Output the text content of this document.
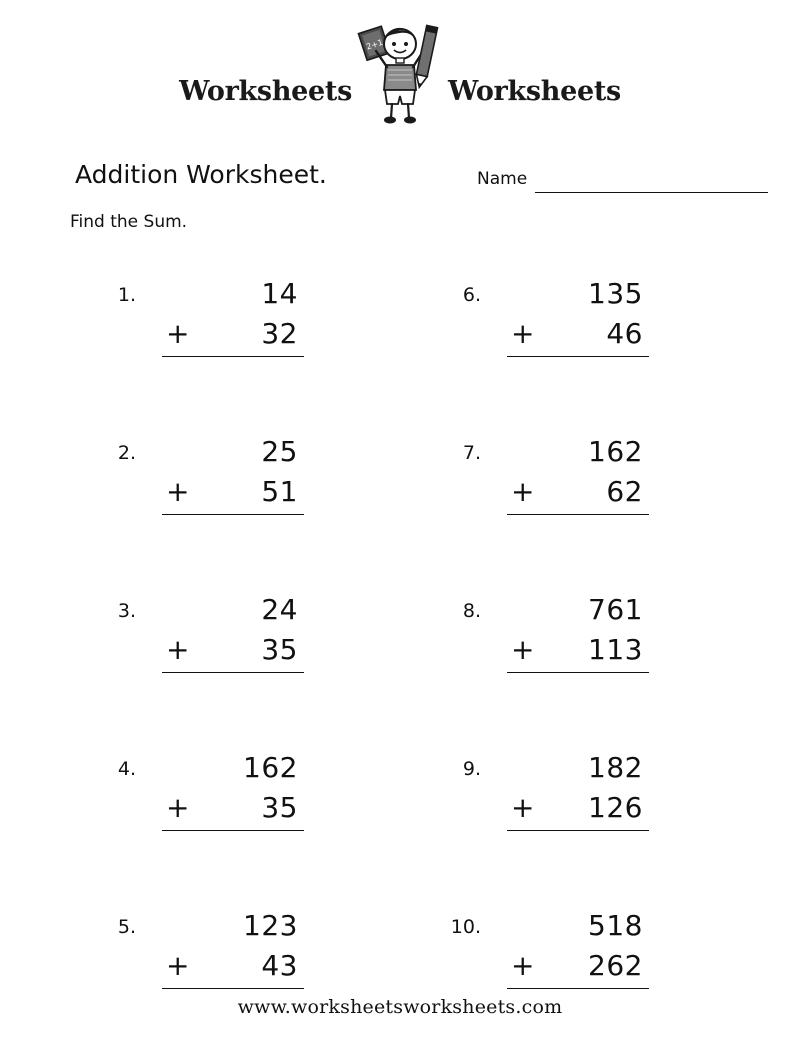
Worksheets
2+1
Worksheets
Addition Worksheet.	Name
Find the Sum.
1.	14
+	32
6.	135
+	46
2.	25
+	51
7.	162
+	62
3.	24
+	35
8.	761
+ 113
4.	162
+	35
9.	182
+ 126
5.	123
+	43
10.	518
+ 262
www.worksheetsworksheets.com
